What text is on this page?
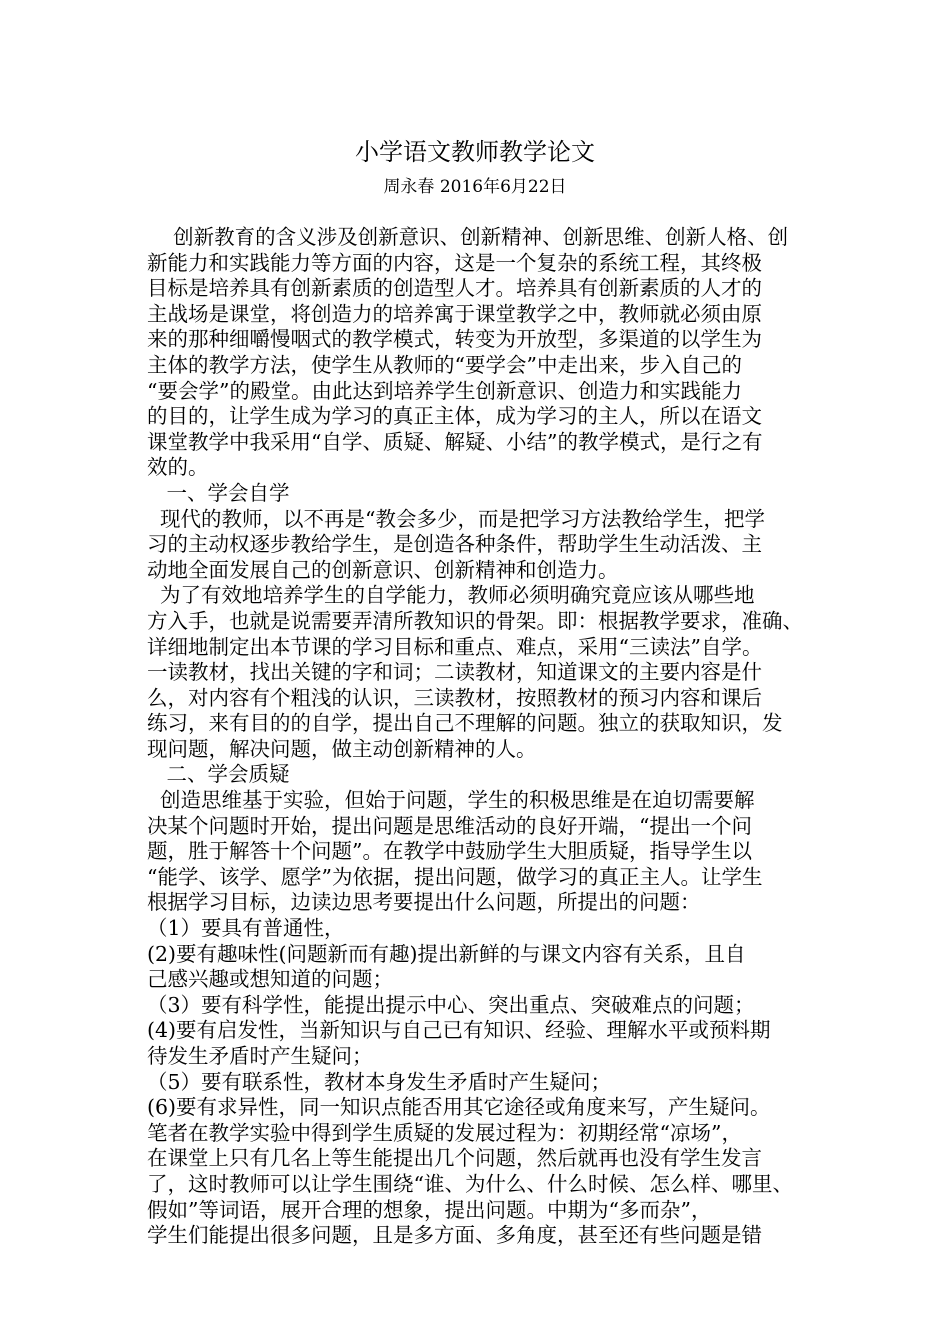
小学语文教师教学论文
周永春 2016年6月22日
创新教育的含义涉及创新意识、创新精神、创新思维、创新人格、创
新能力和实践能力等方面的内容，这是一个复杂的系统工程，其终极
目标是培养具有创新素质的创造型人才。培养具有创新素质的人才的
主战场是课堂，将创造力的培养寓于课堂教学之中，教师就必须由原
来的那种细嚼慢咽式的教学模式，转变为开放型，多渠道的以学生为
主体的教学方法，使学生从教师的“要学会”中走出来，步入自己的
“要会学”的殿堂。由此达到培养学生创新意识、创造力和实践能力
的目的，让学生成为学习的真正主体，成为学习的主人，所以在语文
课堂教学中我采用“自学、质疑、解疑、小结”的教学模式，是行之有
效的。
一、学会自学
现代的教师，以不再是“教会多少，而是把学习方法教给学生，把学
习的主动权逐步教给学生，是创造各种条件，帮助学生生动活泼、主
动地全面发展自己的创新意识、创新精神和创造力。
为了有效地培养学生的自学能力，教师必须明确究竟应该从哪些地
方入手，也就是说需要弄清所教知识的骨架。即：根据教学要求，准确、
详细地制定出本节课的学习目标和重点、难点，采用“三读法”自学。
一读教材，找出关键的字和词；二读教材，知道课文的主要内容是什
么，对内容有个粗浅的认识，三读教材，按照教材的预习内容和课后
练习，来有目的的自学，提出自己不理解的问题。独立的获取知识，发
现问题，解决问题，做主动创新精神的人。
二、学会质疑
创造思维基于实验，但始于问题，学生的积极思维是在迫切需要解
决某个问题时开始，提出问题是思维活动的良好开端，“提出一个问
题，胜于解答十个问题”。在教学中鼓励学生大胆质疑，指导学生以
“能学、该学、愿学”为依据，提出问题，做学习的真正主人。让学生
根据学习目标，边读边思考要提出什么问题，所提出的问题：
（1）要具有普通性，
(2)要有趣味性(问题新而有趣)提出新鲜的与课文内容有关系，且自
己感兴趣或想知道的问题；
（3）要有科学性，能提出提示中心、突出重点、突破难点的问题；
(4)要有启发性，当新知识与自己已有知识、经验、理解水平或预料期
待发生矛盾时产生疑问；
（5）要有联系性，教材本身发生矛盾时产生疑问；
(6)要有求异性，同一知识点能否用其它途径或角度来写，产生疑问。
笔者在教学实验中得到学生质疑的发展过程为：初期经常“凉场”，
在课堂上只有几名上等生能提出几个问题，然后就再也没有学生发言
了，这时教师可以让学生围绕“谁、为什么、什么时候、怎么样、哪里、
假如”等词语，展开合理的想象，提出问题。中期为“多而杂”，
学生们能提出很多问题，且是多方面、多角度，甚至还有些问题是错
